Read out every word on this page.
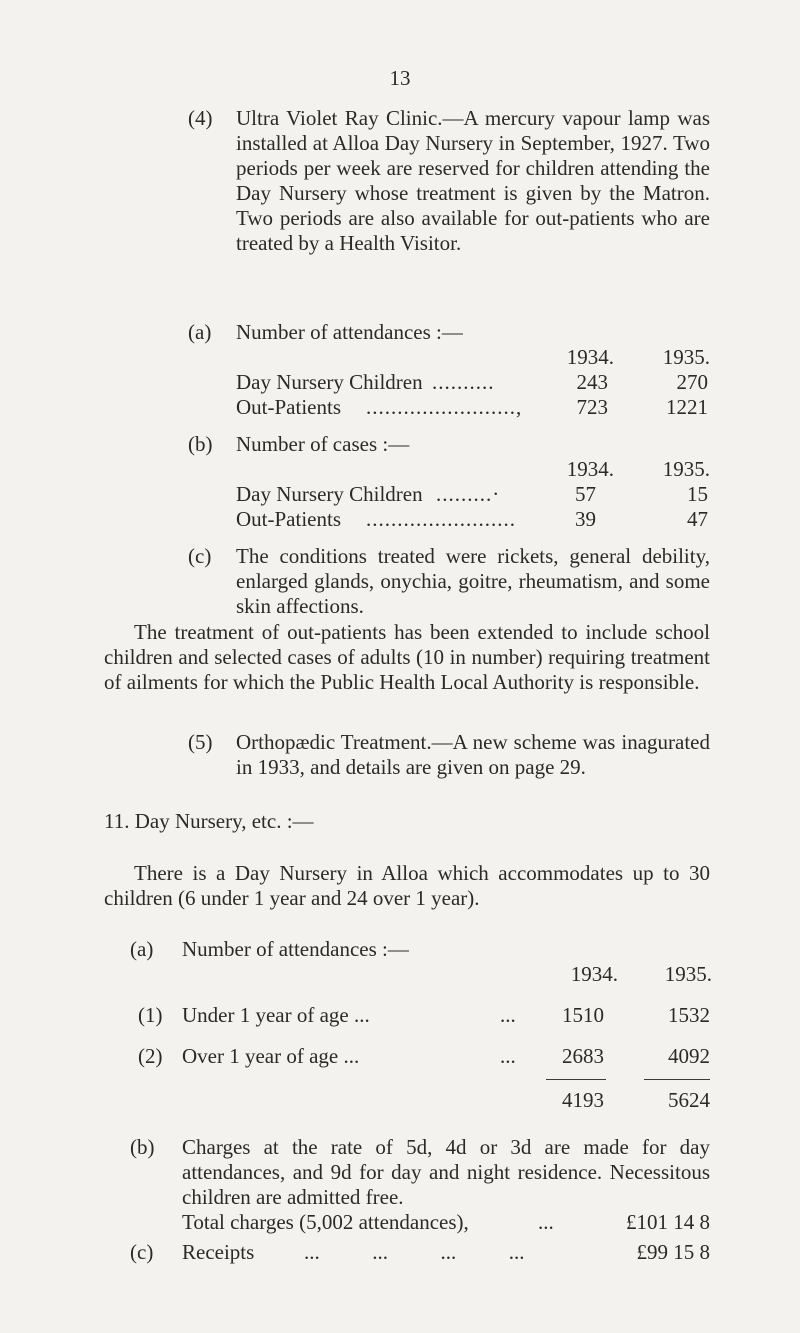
13
(4) Ultra Violet Ray Clinic.—A mercury vapour lamp was installed at Alloa Day Nursery in September, 1927. Two periods per week are reserved for children attending the Day Nursery whose treatment is given by the Matron. Two periods are also available for out-patients who are treated by a Health Visitor.
(a) Number of attendances :—
1934.	1935.
Day Nursery Children ..........	243	270
Out-Patients ........................,	723	1221
(b) Number of cases :—
1934.	1935.
Day Nursery Children .........·	57	15
Out-Patients ........................	39	47
(c) The conditions treated were rickets, general debility, enlarged glands, onychia, goitre, rheumatism, and some skin affections.
The treatment of out-patients has been extended to include school children and selected cases of adults (10 in number) requiring treatment of ailments for which the Public Health Local Authority is responsible.
(5) Orthopædic Treatment.—A new scheme was inagurated in 1933, and details are given on page 29.
11. Day Nursery, etc. :—
There is a Day Nursery in Alloa which accommodates up to 30 children (6 under 1 year and 24 over 1 year).
(a) Number of attendances :—
1934.	1935.
(1) Under 1 year of age ...	...	1510	1532
(2) Over 1 year of age ...	...	2683	4092
4193	5624
(b) Charges at the rate of 5d, 4d or 3d are made for day attendances, and 9d for day and night residence. Necessitous children are admitted free.
Total charges (5,002 attendances),	...	£101 14 8
(c) Receipts ...          ...          ...          ...	£99 15 8
